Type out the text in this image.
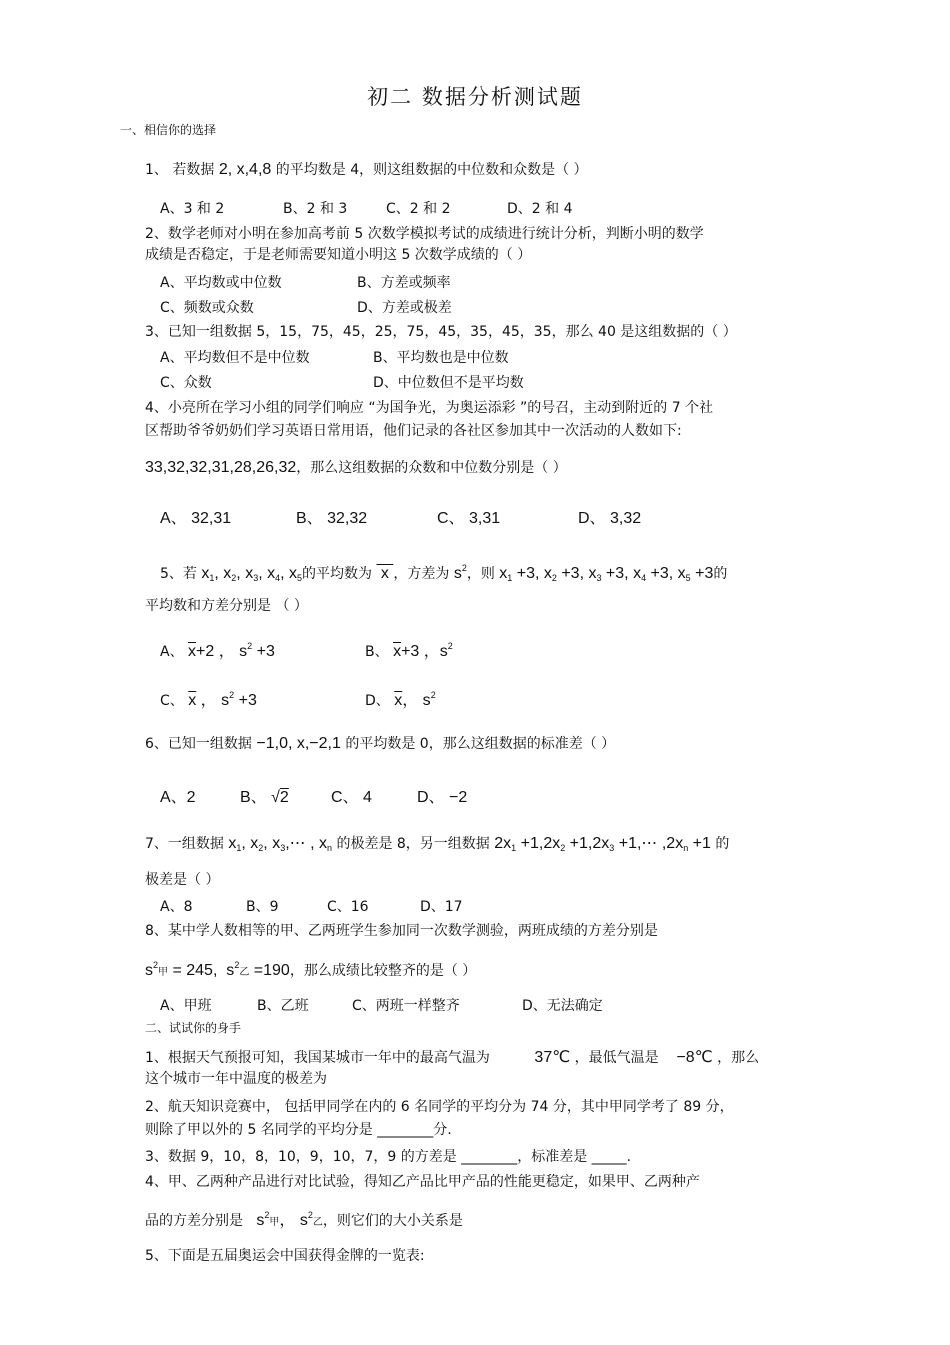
初二 数据分析测试题
一、相信你的选择
1、 若数据 2, x,4,8 的平均数是 4，则这组数据的中位数和众数是（ ）
A、3 和 2	B、2 和 3	C、2 和 2	D、2 和 4
2、数学老师对小明在参加高考前 5 次数学模拟考试的成绩进行统计分析，判断小明的数学
成绩是否稳定，于是老师需要知道小明这 5 次数学成绩的（ ）
A、平均数或中位数	B、方差或频率
C、频数或众数	D、方差或极差
3、已知一组数据 5，15，75，45，25，75，45，35，45，35，那么 40 是这组数据的（ ）
A、平均数但不是中位数	B、平均数也是中位数
C、众数	D、中位数但不是平均数
4、小亮所在学习小组的同学们响应 “为国争光，为奥运添彩 ”的号召，主动到附近的 7 个社
区帮助爷爷奶奶们学习英语日常用语，他们记录的各社区参加其中一次活动的人数如下:
33,32,32,31,28,26,32，那么这组数据的众数和中位数分别是（ ）
A、 32,31	B、 32,32	C、 3,31	D、 3,32
5、若 $x_1$, $x_2$, $x_3$, $x_4$, $x_5$的平均数为  x ，方差为 $s^2$，则 $x_1 +3$, $x_2 +3$, $x_3 +3$, $x_4 +3$, $x_5 +3$的
平均数和方差分别是 （ ）
A、 $\overline{x}+2$ ， $s^2 +3$	B、 $\overline{x}+3$ ，$s^2$
C、 $\overline{x}$ ， $s^2 +3$	D、 $\overline{x}$， $s^2$
6、已知一组数据 −1,0, x,−2,1 的平均数是 0，那么这组数据的标准差（ ）
A、2	B、 √2	C、 4	D、 −2
7、一组数据 $x_1$, $x_2$, $x_3,\cdots$ , $x_n$ 的极差是 8，另一组数据 $2x_1 +1,2x_2 +1,2x_3$ +1,⋯ $,2x_n +1$ 的
极差是（ ）
A、8	B、9	C、16	D、17
8、某中学人数相等的甲、乙两班学生参加同一次数学测验，两班成绩的方差分别是
$s^2$甲 = 245,  $s^2$乙 =190，那么成绩比较整齐的是（ ）
A、甲班	B、乙班	C、两班一样整齐	D、无法确定
二、试试你的身手
1、根据天气预报可知，我国某城市一年中的最高气温为	37℃ ，最低气温是 −8℃ ，那么
这个城市一年中温度的极差为
2、航天知识竞赛中， 包括甲同学在内的 6 名同学的平均分为 74 分，其中甲同学考了 89 分，
则除了甲以外的 5 名同学的平均分是 ________分.
3、数据 9，10，8，10，9，10，7，9 的方差是 ________，标准差是 _____.
4、甲、乙两种产品进行对比试验，得知乙产品比甲产品的性能更稳定，如果甲、乙两种产
品的方差分别是 $s^2$甲， $s^2$乙，则它们的大小关系是
5、下面是五届奥运会中国获得金牌的一览表:
